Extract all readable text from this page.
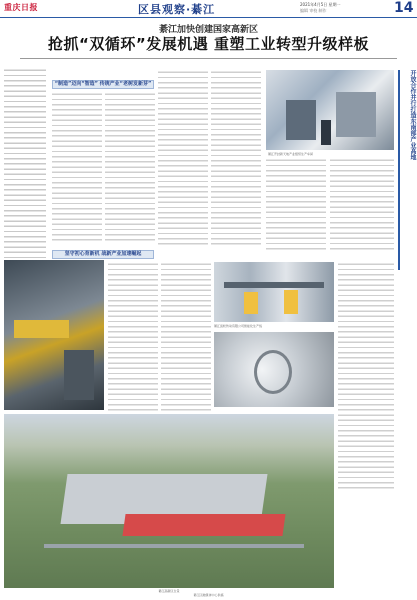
重庆日报	区县观察·綦江	2021年4月5日 星期一
编辑 审校 制作	14
綦江加快创建国家高新区
抢抓“双循环”发展机遇 重塑工业转型升级样板
“制造”迈向“智造” 传统产业“老树发新芽”
綦江开封新天地产业组织生产车间	开放合作并行打造东南部产业高地
坚守初心育新机 战新产业加速崛起
綦江齿轮传动有限公司智能化生产线
綦江高新区全景
綦江区融媒体中心供稿
